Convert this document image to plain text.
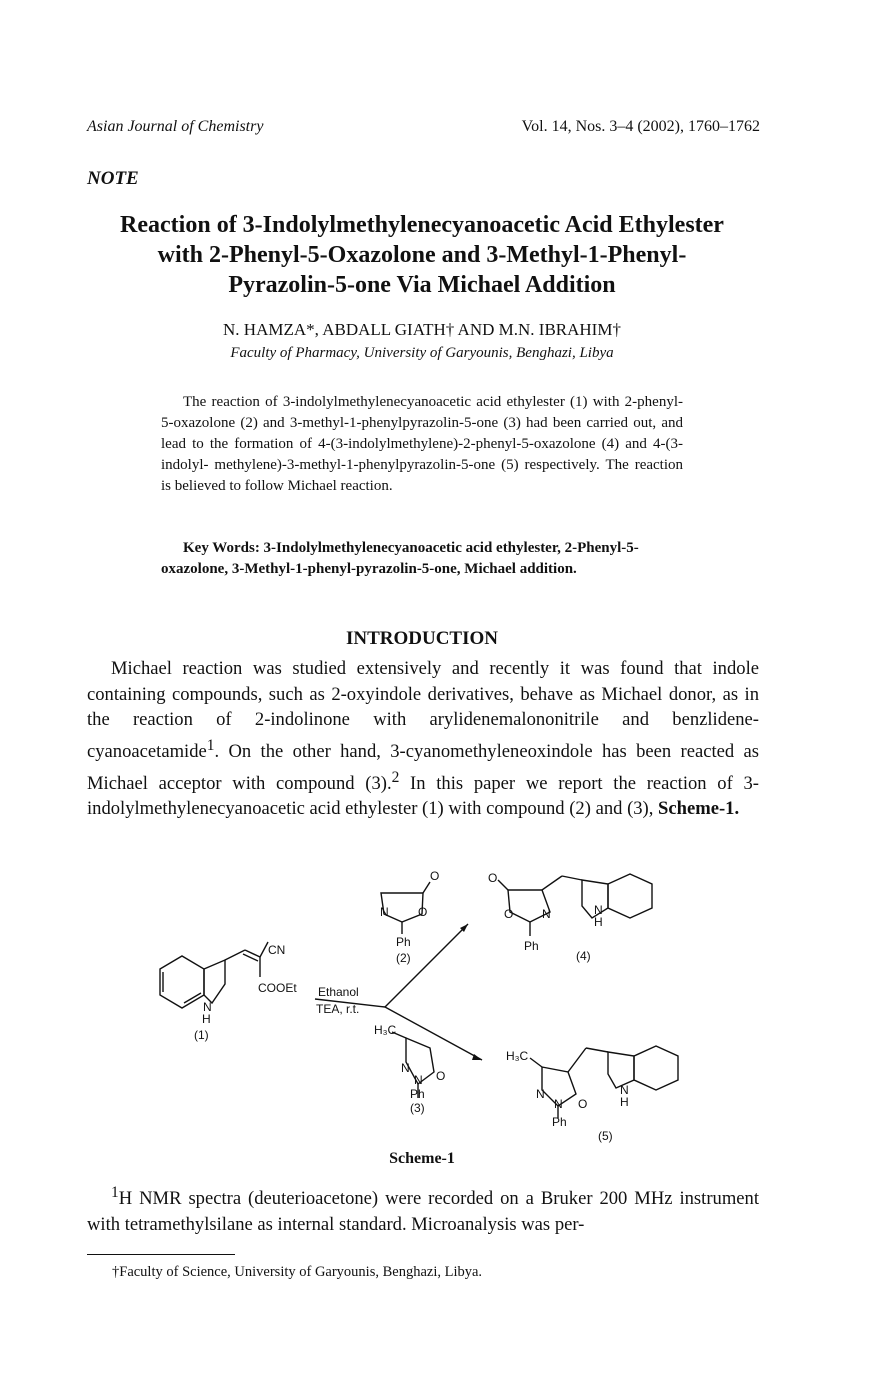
Asian Journal of Chemistry	Vol. 14, Nos. 3–4 (2002), 1760–1762
NOTE
Reaction of 3-Indolylmethylenecyanoacetic Acid Ethylester
with 2-Phenyl-5-Oxazolone and 3-Methyl-1-Phenyl-
Pyrazolin-5-one Via Michael Addition
N. HAMZA*, ABDALL GIATH† AND M.N. IBRAHIM†
Faculty of Pharmacy, University of Garyounis, Benghazi, Libya
The reaction of 3-indolylmethylenecyanoacetic acid ethylester (1) with 2-phenyl-5-oxazolone (2) and 3-methyl-1-phenylpyrazolin-5-one (3) had been carried out, and lead to the formation of 4-(3-indolylmethylene)-2-phenyl-5-oxazolone (4) and 4-(3-indolyl- methylene)-3-methyl-1-phenylpyrazolin-5-one (5) respectively. The reaction is believed to follow Michael reaction.
Key Words: 3-Indolylmethylenecyanoacetic acid ethylester, 2-Phenyl-5-oxazolone, 3-Methyl-1-phenyl-pyrazolin-5-one, Michael addition.
INTRODUCTION
Michael reaction was studied extensively and recently it was found that indole containing compounds, such as 2-oxyindole derivatives, behave as Michael donor, as in the reaction of 2-indolinone with arylidenemalononitrile and benzlidene-cyanoacetamide$^1$. On the other hand, 3-cyanomethyleneoxindole has been reacted as Michael acceptor with compound (3).$^2$ In this paper we report the reaction of 3-indolylmethylenecyanoacetic acid ethylester (1) with compound (2) and (3), Scheme-1.
CN
COOEt
N
H
(1)
Ethanol
TEA, r.t.
O
N O
Ph
(2)
O
O N
Ph
N
H
(4)
H₃C
N
N O
Ph
(3)
H₃C
N
N O
Ph
N
H
(5)
Scheme-1
$^1$H NMR spectra (deuterioacetone) were recorded on a Bruker 200 MHz instrument with tetramethylsilane as internal standard. Microanalysis was per-
†Faculty of Science, University of Garyounis, Benghazi, Libya.
